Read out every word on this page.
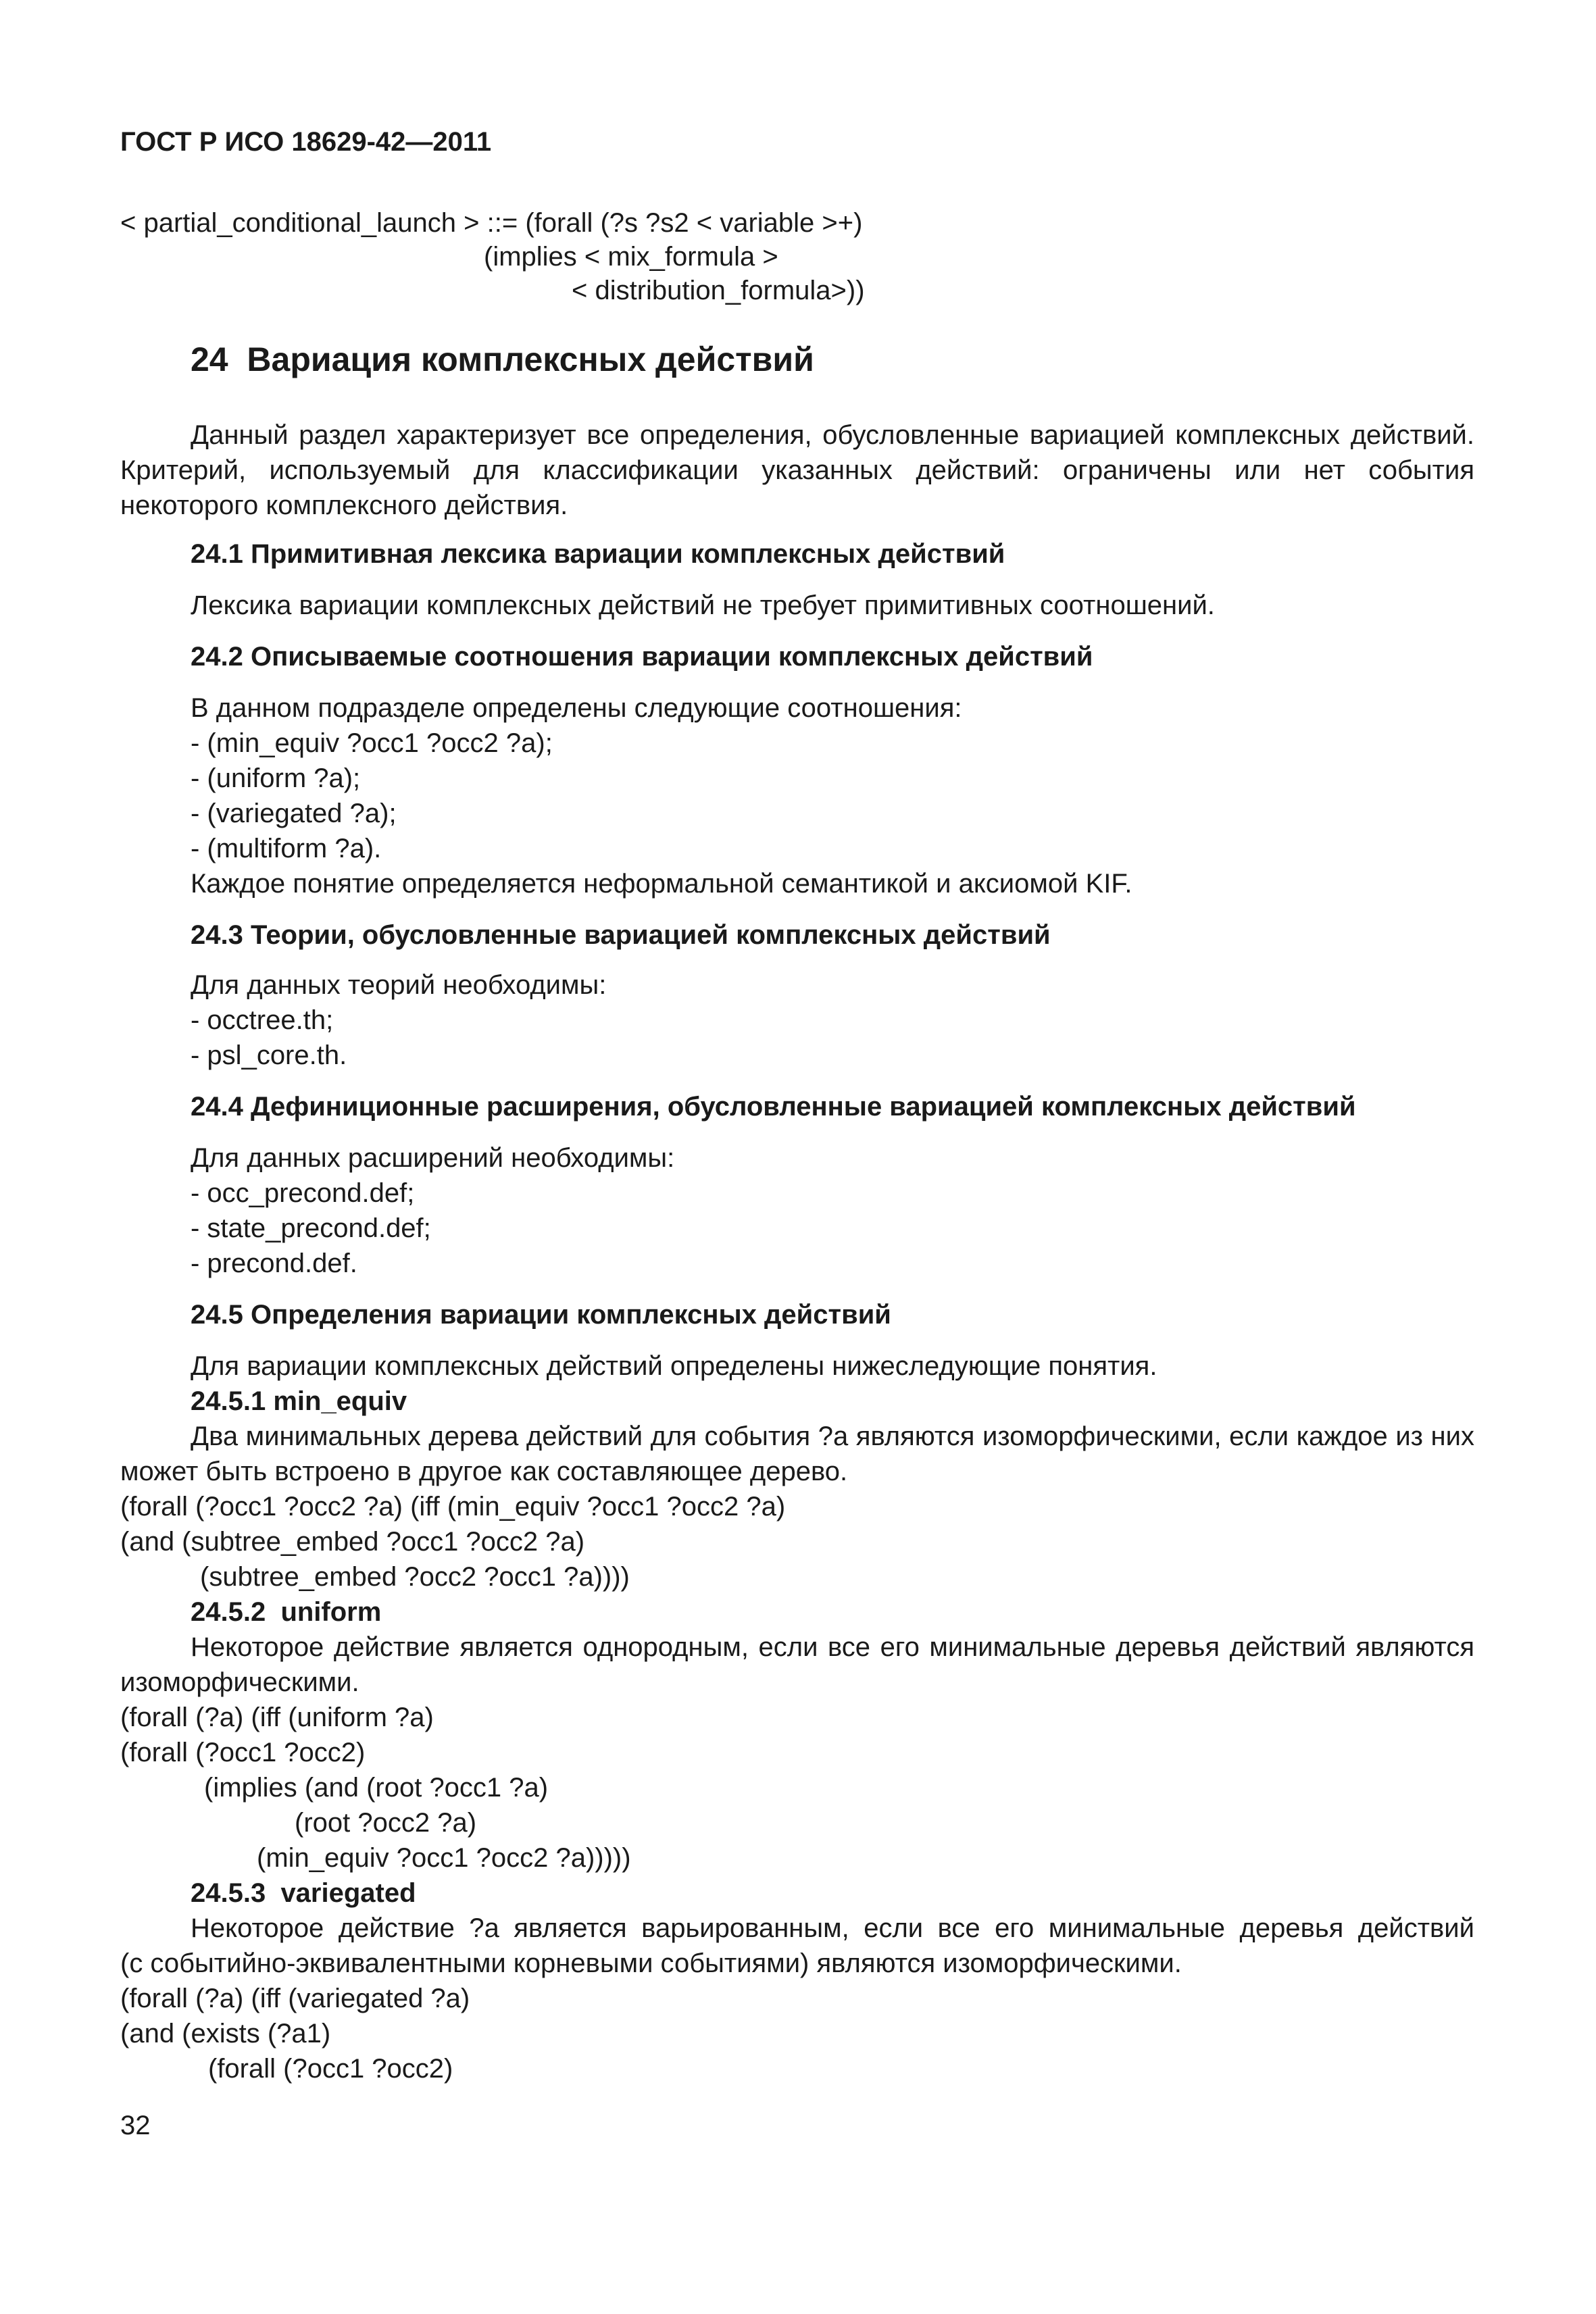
ГОСТ Р ИСО 18629-42—2011
< partial_conditional_launch > ::= (forall (?s ?s2 < variable >+)
(implies < mix_formula >
< distribution_formula>))
24  Вариация комплексных действий
Данный раздел характеризует все определения, обусловленные вариацией комплексных действий. Критерий, используемый для классификации указанных действий: ограничены или нет события некоторого комплексного действия.
24.1 Примитивная лексика вариации комплексных действий
Лексика вариации комплексных действий не требует примитивных соотношений.
24.2 Описываемые соотношения вариации комплексных действий
В данном подразделе определены следующие соотношения:
- (min_equiv ?occ1 ?occ2 ?a);
- (uniform ?a);
- (variegated ?a);
- (multiform ?a).
Каждое понятие определяется неформальной семантикой и аксиомой KIF.
24.3 Теории, обусловленные вариацией комплексных действий
Для данных теорий необходимы:
- occtree.th;
- psl_core.th.
24.4 Дефиниционные расширения, обусловленные вариацией комплексных действий
Для данных расширений необходимы:
- occ_precond.def;
- state_precond.def;
- precond.def.
24.5 Определения вариации комплексных действий
Для вариации комплексных действий определены нижеследующие понятия.
24.5.1 min_equiv
Два минимальных дерева действий для события ?a являются изоморфическими, если каждое из них
может быть встроено в другое как составляющее дерево.
(forall (?occ1 ?occ2 ?a) (iff (min_equiv ?occ1 ?occ2 ?a)
(and (subtree_embed ?occ1 ?occ2 ?a)
(subtree_embed ?occ2 ?occ1 ?a))))
24.5.2  uniform
Некоторое действие является однородным, если все его минимальные деревья действий являются
изоморфическими.
(forall (?a) (iff (uniform ?a)
(forall (?occ1 ?occ2)
(implies (and (root ?occ1 ?a)
(root ?occ2 ?a)
(min_equiv ?occ1 ?occ2 ?a)))))
24.5.3  variegated
Некоторое действие ?a является варьированным, если все его минимальные деревья действий
(с событийно-эквивалентными корневыми событиями) являются изоморфическими.
(forall (?a) (iff (variegated ?a)
(and (exists (?a1)
(forall (?occ1 ?occ2)
32
